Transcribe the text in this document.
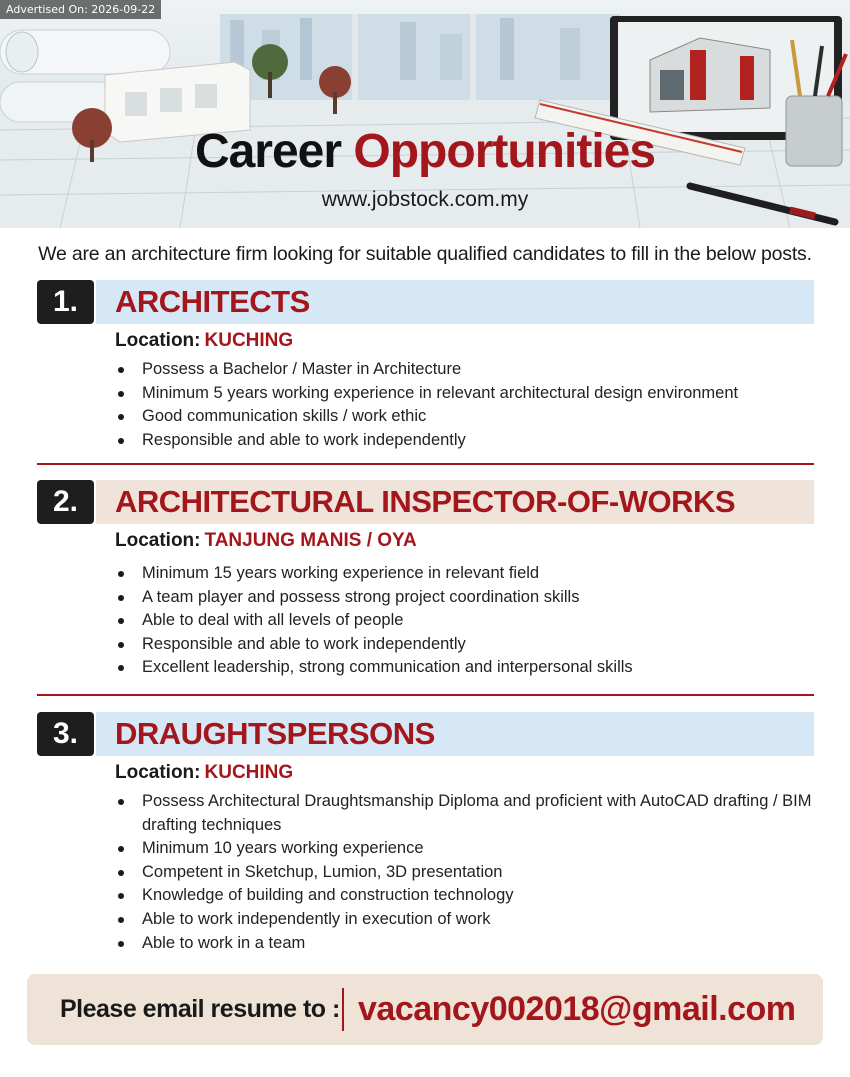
Advertised On: 2026-09-22
Career Opportunities
www.jobstock.com.my
We are an architecture firm looking for suitable qualified candidates to fill in the below posts.
1.	ARCHITECTS
Location: KUCHING
Possess a Bachelor / Master in Architecture
Minimum 5 years working experience in relevant architectural design environment
Good communication skills / work ethic
Responsible and able to work independently
2.	ARCHITECTURAL INSPECTOR-OF-WORKS
Location: TANJUNG MANIS / OYA
Minimum 15 years working experience in relevant field
A team player and possess strong project coordination skills
Able to deal with all levels of people
Responsible and able to work independently
Excellent leadership, strong communication and interpersonal skills
3.	DRAUGHTSPERSONS
Location: KUCHING
Possess Architectural Draughtsmanship Diploma and proficient with AutoCAD drafting / BIM drafting techniques
Minimum 10 years working experience
Competent in Sketchup, Lumion, 3D presentation
Knowledge of building and construction technology
Able to work independently in execution of work
Able to work in a team
Please email resume to : vacancy002018@gmail.com
